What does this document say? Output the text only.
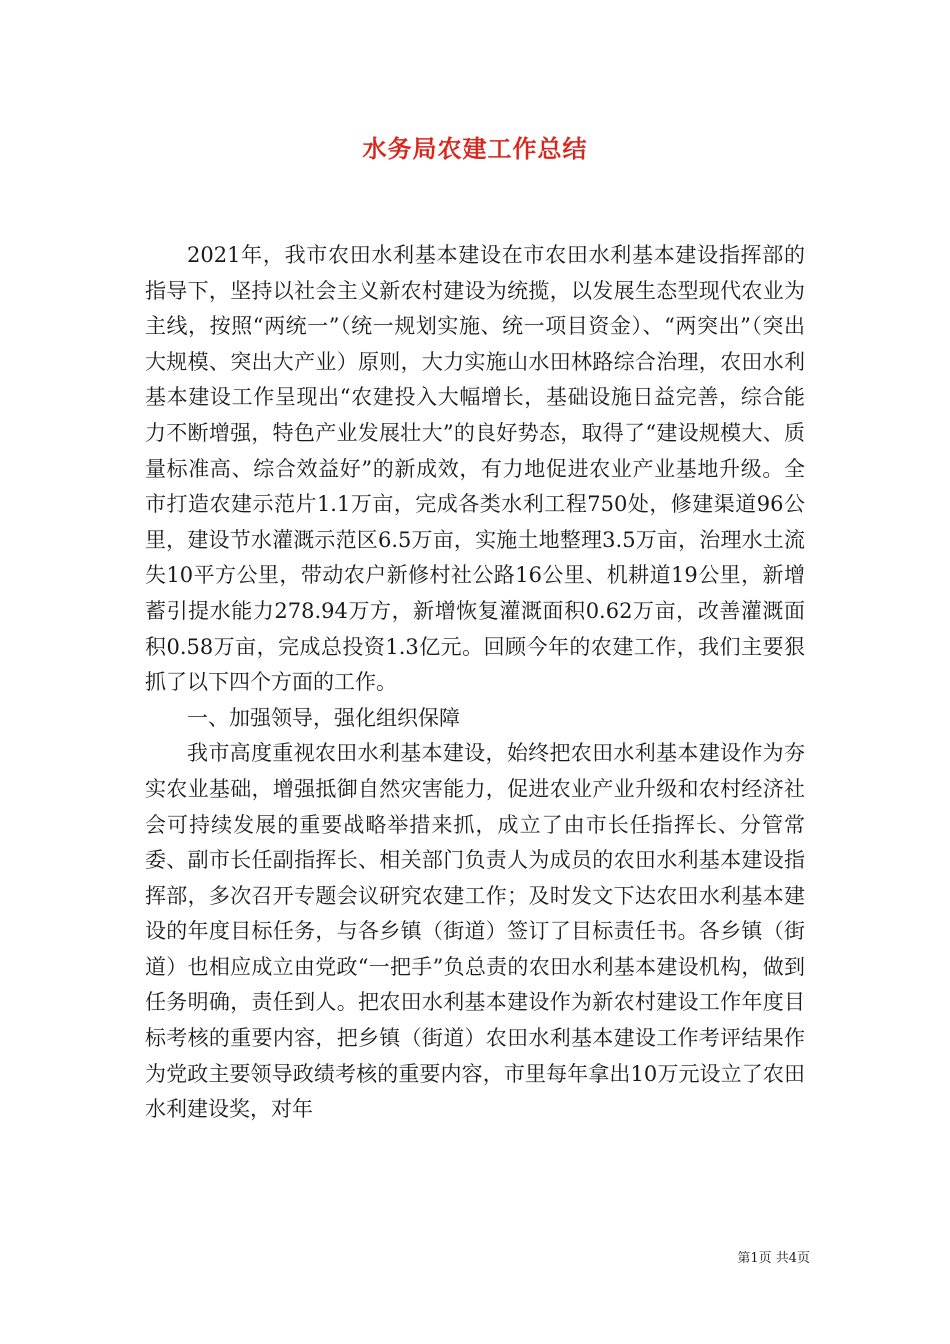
水务局农建工作总结

2021年，我市农田水利基本建设在市农田水利基本建设指挥部的指导下，坚持以社会主义新农村建设为统揽，以发展生态型现代农业为主线，按照“两统一”（统一规划实施、统一项目资金）、“两突出”（突出大规模、突出大产业）原则，大力实施山水田林路综合治理，农田水利基本建设工作呈现出“农建投入大幅增长，基础设施日益完善，综合能力不断增强，特色产业发展壮大”的良好势态，取得了“建设规模大、质量标准高、综合效益好”的新成效，有力地促进农业产业基地升级。全市打造农建示范片1.1万亩，完成各类水利工程750处，修建渠道96公里，建设节水灌溉示范区6.5万亩，实施土地整理3.5万亩，治理水土流失10平方公里，带动农户新修村社公路16公里、机耕道19公里，新增蓄引提水能力278.94万方，新增恢复灌溉面积0.62万亩，改善灌溉面积0.58万亩，完成总投资1.3亿元。回顾今年的农建工作，我们主要狠抓了以下四个方面的工作。

一、加强领导，强化组织保障

我市高度重视农田水利基本建设，始终把农田水利基本建设作为夯实农业基础，增强抵御自然灾害能力，促进农业产业升级和农村经济社会可持续发展的重要战略举措来抓，成立了由市长任指挥长、分管常委、副市长任副指挥长、相关部门负责人为成员的农田水利基本建设指挥部，多次召开专题会议研究农建工作；及时发文下达农田水利基本建设的年度目标任务，与各乡镇（街道）签订了目标责任书。各乡镇（街道）也相应成立由党政“一把手”负总责的农田水利基本建设机构，做到任务明确，责任到人。把农田水利基本建设作为新农村建设工作年度目标考核的重要内容，把乡镇（街道）农田水利基本建设工作考评结果作为党政主要领导政绩考核的重要内容，市里每年拿出10万元设立了农田水利建设奖，对年

第1页 共4页
